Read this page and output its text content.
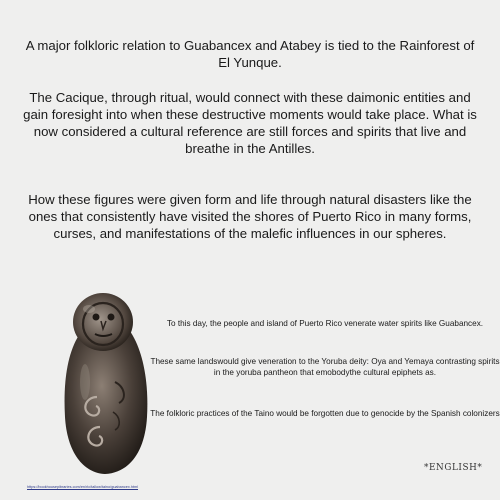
A major folkloric relation to Guabancex and Atabey is tied to the Rainforest of El Yunque.

The Cacique, through ritual, would connect with these daimonic entities and gain foresight into when these destructive moments would take place. What is now considered a cultural reference are still forces and spirits that live and breathe in the Antilles.

How these figures were given form and life through natural disasters like the ones that consistently have visited the shores of Puerto Rico in many forms, curses, and manifestations of the malefic influences in our spheres.

To this day, the people and island of Puerto Rico venerate water spirits like Guabancex.

These same landswould give veneration to the Yoruba deity: Oya and Yemaya contrasting spirits in the yoruba pantheon that emobodythe cultural epiphets as.

The folkloric practices of the Taino would be forgotten due to genocide by the Spanish colonizers

https://bookhousepibraries.com/en/rlc/tallow/taino/guabancex.html
*ENGLISH*
